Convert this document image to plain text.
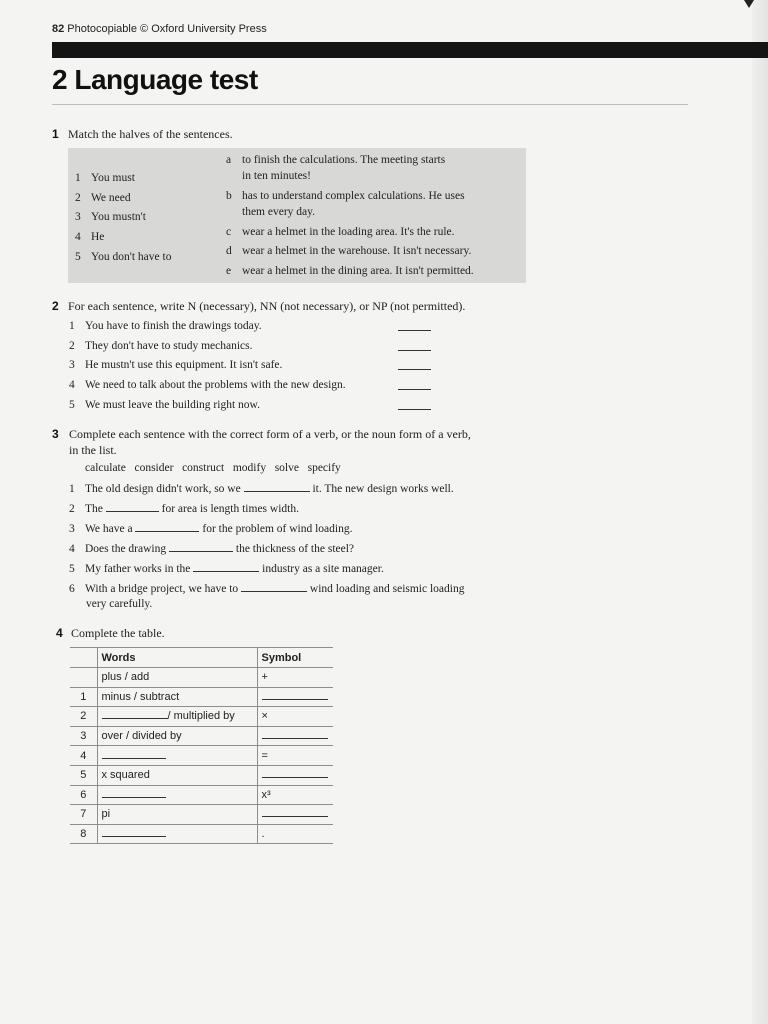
82 Photocopiable © Oxford University Press
2 Language test
1 Match the halves of the sentences.
1 You must
2 We need
3 You mustn't
4 He
5 You don't have to
a to finish the calculations. The meeting starts
in ten minutes!
b has to understand complex calculations. He uses
them every day.
c wear a helmet in the loading area. It's the rule.
d wear a helmet in the warehouse. It isn't necessary.
e wear a helmet in the dining area. It isn't permitted.
2 For each sentence, write N (necessary), NN (not necessary), or NP (not permitted).
1 You have to finish the drawings today.
2 They don't have to study mechanics.
3 He mustn't use this equipment. It isn't safe.
4 We need to talk about the problems with the new design.
5 We must leave the building right now.
3 Complete each sentence with the correct form of a verb, or the noun form of a verb,
in the list.
calculate   consider   construct   modify   solve   specify
1 The old design didn't work, so we	it. The new design works well.
2 The	for area is length times width.
3 We have a	for the problem of wind loading.
4 Does the drawing	the thickness of the steel?
5 My father works in the	industry as a site manager.
6 With a bridge project, we have to	wind loading and seismic loading
very carefully.
4 Complete the table.
	Words	Symbol
	plus / add	+
1	minus / subtract	
2	/ multiplied by	×
3	over / divided by	
4		=
5	x squared	
6		x³
7	pi	
8		.
